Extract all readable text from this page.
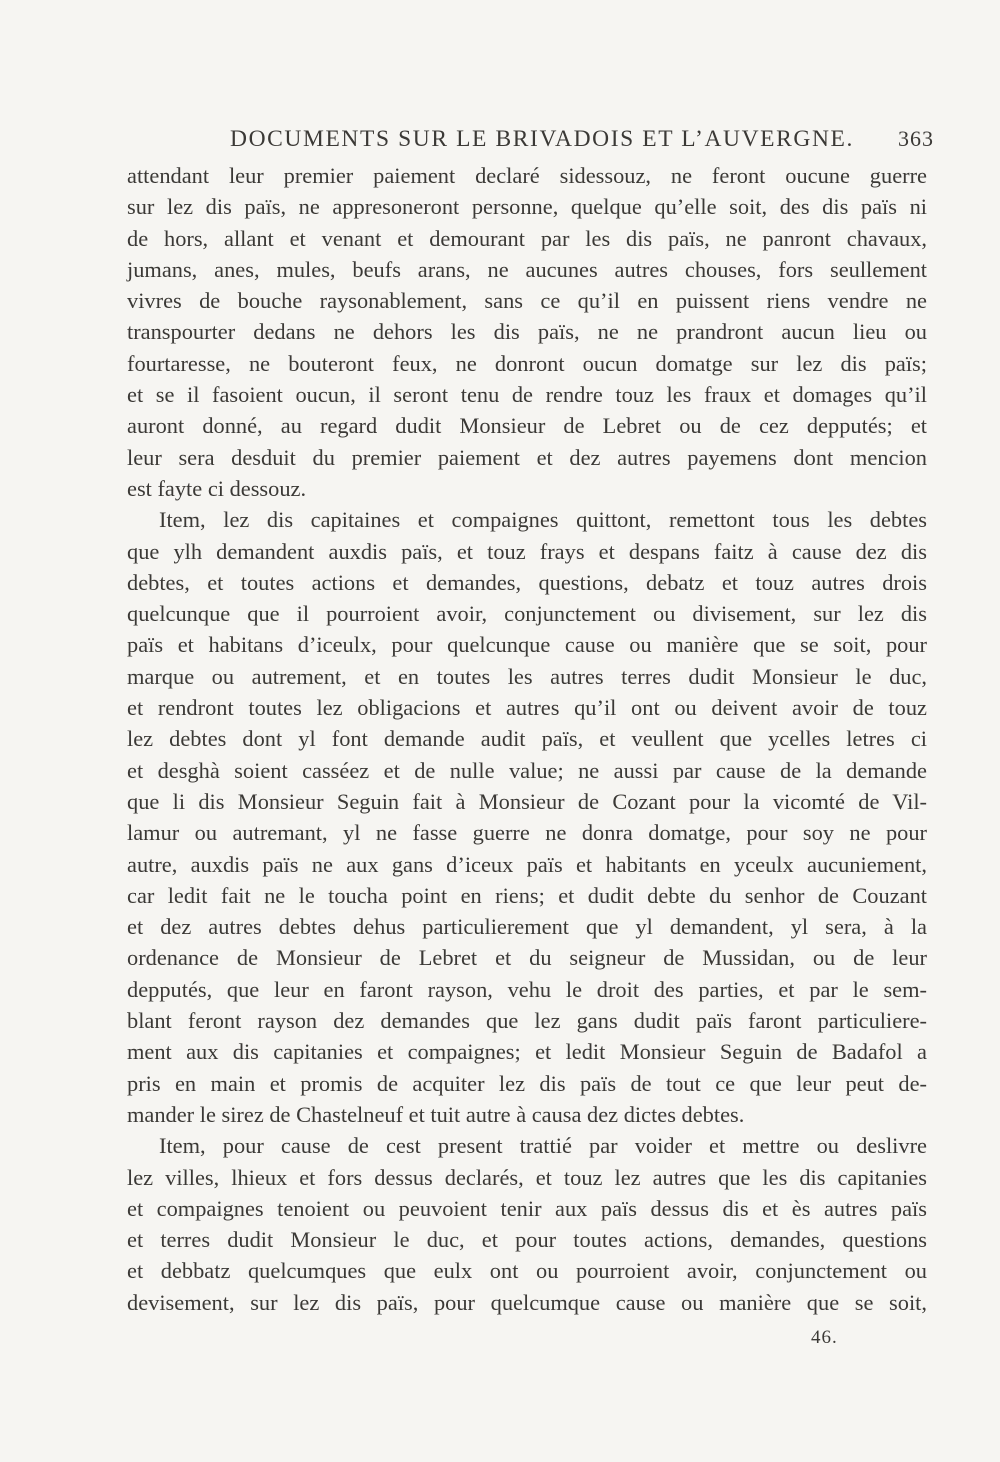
DOCUMENTS SUR LE BRIVADOIS ET L’AUVERGNE. 363
attendant leur premier paiement declaré sidessouz, ne feront oucune guerre
sur lez dis païs, ne appresoneront personne, quelque qu’elle soit, des dis païs ni
de hors, allant et venant et demourant par les dis païs, ne panront chavaux,
jumans, anes, mules, beufs arans, ne aucunes autres chouses, fors seullement
vivres de bouche raysonablement, sans ce qu’il en puissent riens vendre ne
transpourter dedans ne dehors les dis païs, ne ne prandront aucun lieu ou
fourtaresse, ne bouteront feux, ne donront oucun domatge sur lez dis païs;
et se il fasoient oucun, il seront tenu de rendre touz les fraux et domages qu’il
auront donné, au regard dudit Monsieur de Lebret ou de cez depputés; et
leur sera desduit du premier paiement et dez autres payemens dont mencion
est fayte ci dessouz.
Item, lez dis capitaines et compaignes quittont, remettont tous les debtes
que ylh demandent auxdis païs, et touz frays et despans faitz à cause dez dis
debtes, et toutes actions et demandes, questions, debatz et touz autres drois
quelcunque que il pourroient avoir, conjunctement ou divisement, sur lez dis
païs et habitans d’iceulx, pour quelcunque cause ou manière que se soit, pour
marque ou autrement, et en toutes les autres terres dudit Monsieur le duc,
et rendront toutes lez obligacions et autres qu’il ont ou deivent avoir de touz
lez debtes dont yl font demande audit païs, et veullent que ycelles letres ci
et desghà soient casséez et de nulle value; ne aussi par cause de la demande
que li dis Monsieur Seguin fait à Monsieur de Cozant pour la vicomté de Vil-
lamur ou autremant, yl ne fasse guerre ne donra domatge, pour soy ne pour
autre, auxdis païs ne aux gans d’iceux païs et habitants en yceulx aucuniement,
car ledit fait ne le toucha point en riens; et dudit debte du senhor de Couzant
et dez autres debtes dehus particulierement que yl demandent, yl sera, à la
ordenance de Monsieur de Lebret et du seigneur de Mussidan, ou de leur
depputés, que leur en faront rayson, vehu le droit des parties, et par le sem-
blant feront rayson dez demandes que lez gans dudit païs faront particuliere-
ment aux dis capitanies et compaignes; et ledit Monsieur Seguin de Badafol a
pris en main et promis de acquiter lez dis païs de tout ce que leur peut de-
mander le sirez de Chastelneuf et tuit autre à causa dez dictes debtes.
Item, pour cause de cest present trattié par voider et mettre ou deslivre
lez villes, lhieux et fors dessus declarés, et touz lez autres que les dis capitanies
et compaignes tenoient ou peuvoient tenir aux païs dessus dis et ès autres païs
et terres dudit Monsieur le duc, et pour toutes actions, demandes, questions
et debbatz quelcumques que eulx ont ou pourroient avoir, conjunctement ou
devisement, sur lez dis païs, pour quelcumque cause ou manière que se soit,
46.
